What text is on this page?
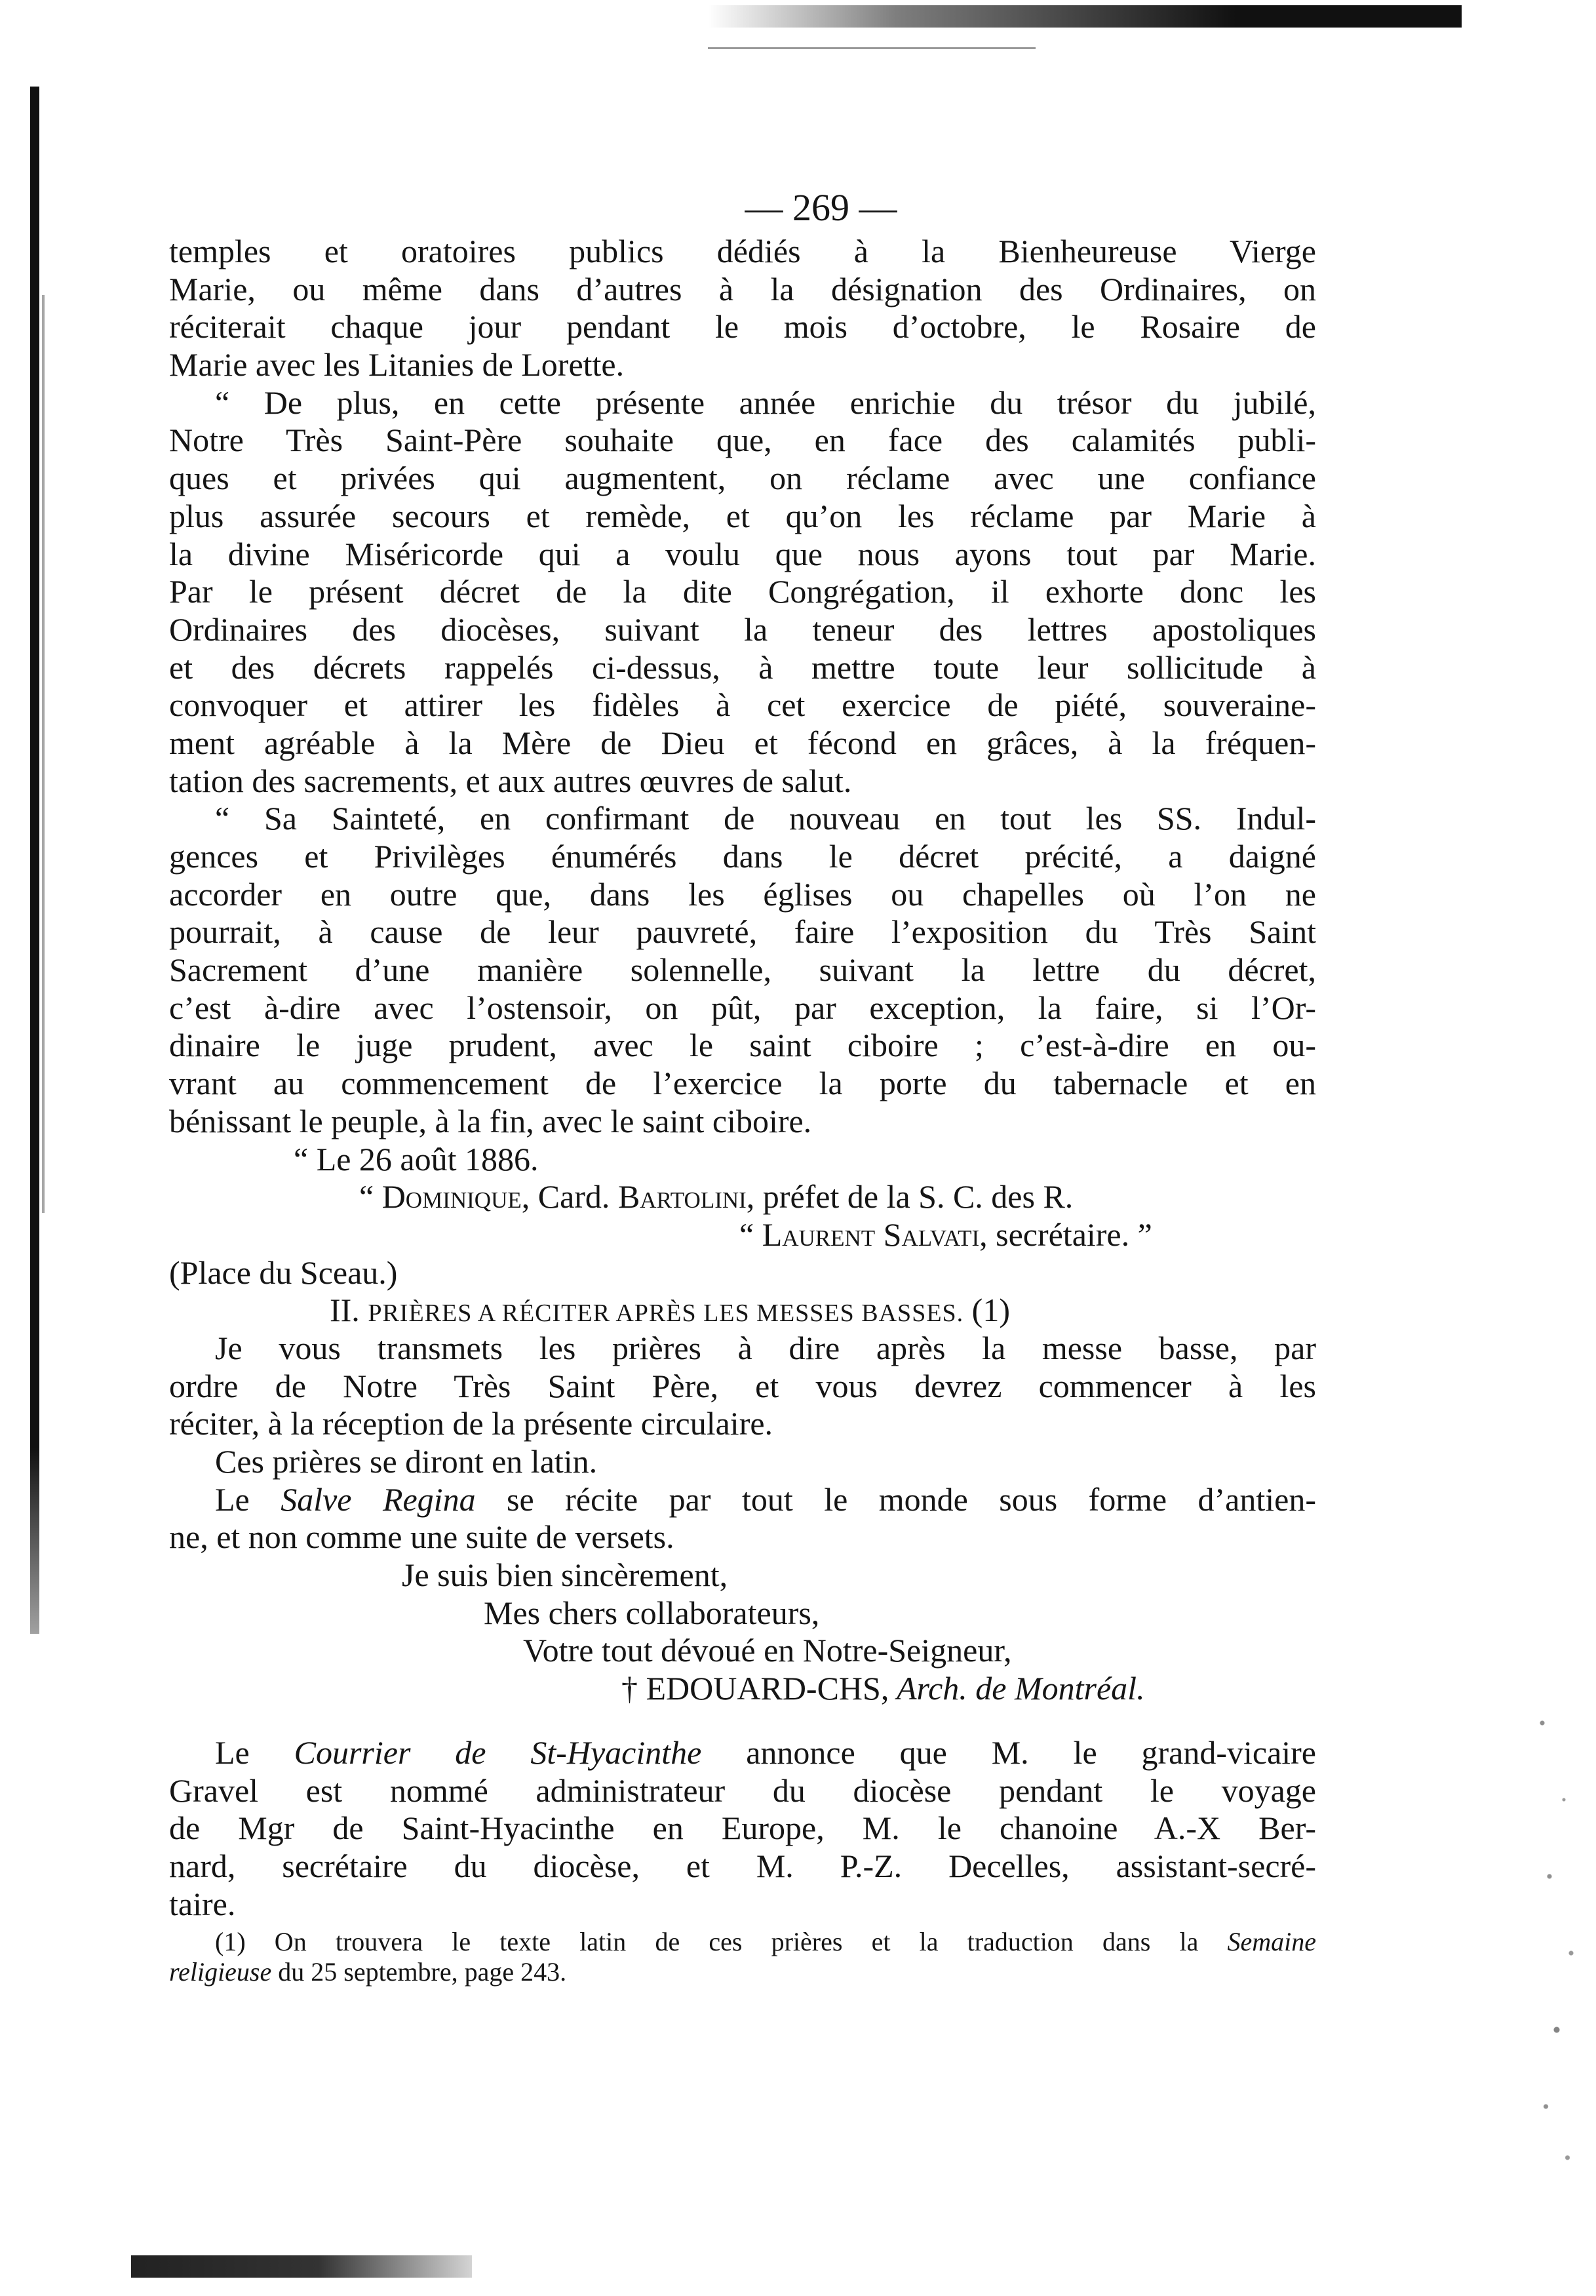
— 269 —
temples et oratoires publics dédiés à la Bienheureuse Vierge
Marie, ou même dans d’autres à la désignation des Ordinaires, on
réciterait chaque jour pendant le mois d’octobre, le Rosaire de
Marie avec les Litanies de Lorette.
“ De plus, en cette présente année enrichie du trésor du jubilé,
Notre Très Saint-Père souhaite que, en face des calamités publi-
ques et privées qui augmentent, on réclame avec une confiance
plus assurée secours et remède, et qu’on les réclame par Marie à
la divine Miséricorde qui a voulu que nous ayons tout par Marie.
Par le présent décret de la dite Congrégation, il exhorte donc les
Ordinaires des diocèses, suivant la teneur des lettres apostoliques
et des décrets rappelés ci-dessus, à mettre toute leur sollicitude à
convoquer et attirer les fidèles à cet exercice de piété, souveraine-
ment agréable à la Mère de Dieu et fécond en grâces, à la fréquen-
tation des sacrements, et aux autres œuvres de salut.
“ Sa Sainteté, en confirmant de nouveau en tout les SS. Indul-
gences et Privilèges énumérés dans le décret précité, a daigné
accorder en outre que, dans les églises ou chapelles où l’on ne
pourrait, à cause de leur pauvreté, faire l’exposition du Très Saint
Sacrement d’une manière solennelle, suivant la lettre du décret,
c’est à-dire avec l’ostensoir, on pût, par exception, la faire, si l’Or-
dinaire le juge prudent, avec le saint ciboire ; c’est-à-dire en ou-
vrant au commencement de l’exercice la porte du tabernacle et en
bénissant le peuple, à la fin, avec le saint ciboire.
“ Le 26 août 1886.
“ Dominique, Card. Bartolini, préfet de la S. C. des R.
“ Laurent Salvati, secrétaire. ”
(Place du Sceau.)
II. PRIÈRES A RÉCITER APRÈS LES MESSES BASSES. (1)
Je vous transmets les prières à dire après la messe basse, par
ordre de Notre Très Saint Père, et vous devrez commencer à les
réciter, à la réception de la présente circulaire.
Ces prières se diront en latin.
Le Salve Regina se récite par tout le monde sous forme d’antien-
ne, et non comme une suite de versets.
Je suis bien sincèrement,
Mes chers collaborateurs,
Votre tout dévoué en Notre-Seigneur,
† EDOUARD-CHS, Arch. de Montréal.
Le Courrier de St-Hyacinthe annonce que M. le grand-vicaire
Gravel est nommé administrateur du diocèse pendant le voyage
de Mgr de Saint-Hyacinthe en Europe, M. le chanoine A.-X Ber-
nard, secrétaire du diocèse, et M. P.-Z. Decelles, assistant-secré-
taire.
(1) On trouvera le texte latin de ces prières et la traduction dans la Semaine
religieuse du 25 septembre, page 243.
